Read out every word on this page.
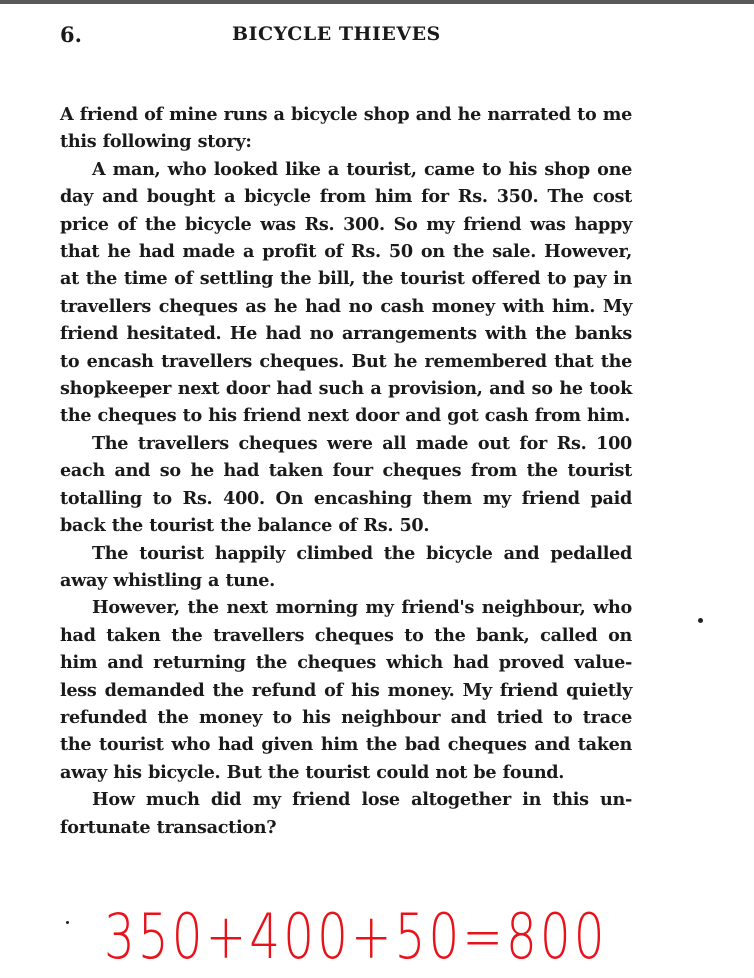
6.	BICYCLE THIEVES

A friend of mine runs a bicycle shop and he narrated to me this following story:

A man, who looked like a tourist, came to his shop one day and bought a bicycle from him for Rs. 350. The cost price of the bicycle was Rs. 300. So my friend was happy that he had made a profit of Rs. 50 on the sale. However, at the time of settling the bill, the tourist offered to pay in travellers cheques as he had no cash money with him. My friend hesitated. He had no arrangements with the banks to encash travellers cheques. But he remembered that the shopkeeper next door had such a provision, and so he took the cheques to his friend next door and got cash from him.

The travellers cheques were all made out for Rs. 100 each and so he had taken four cheques from the tourist totalling to Rs. 400. On encashing them my friend paid back the tourist the balance of Rs. 50.

The tourist happily climbed the bicycle and pedalled away whistling a tune.

However, the next morning my friend's neighbour, who had taken the travellers cheques to the bank, called on him and returning the cheques which had proved value-less demanded the refund of his money. My friend quietly refunded the money to his neighbour and tried to trace the tourist who had given him the bad cheques and taken away his bicycle. But the tourist could not be found.

How much did my friend lose altogether in this un-fortunate transaction?

350+400+50=800
